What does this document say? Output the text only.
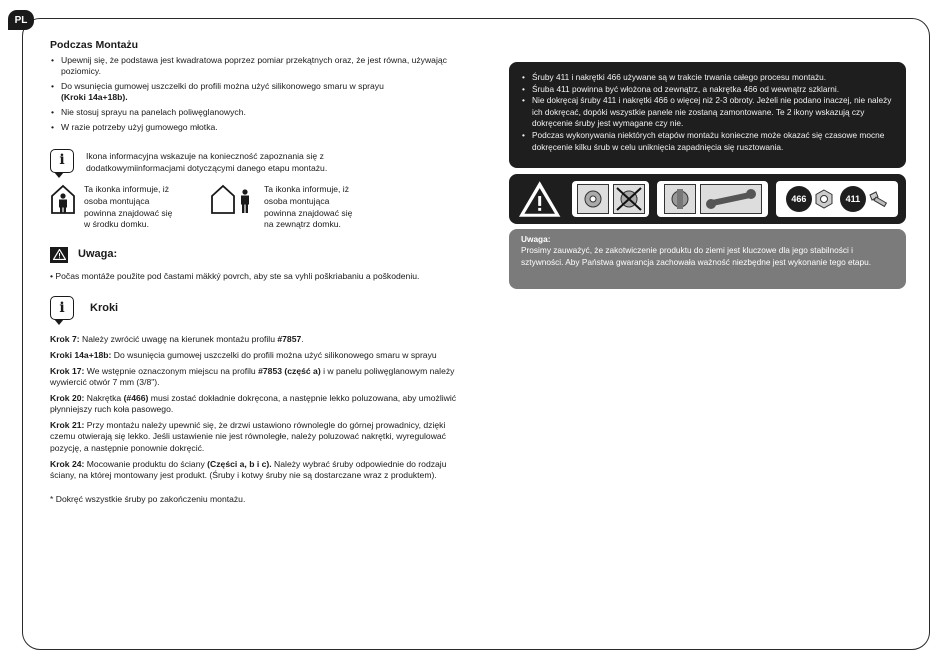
PL
Podczas Montażu
• Upewnij się, że podstawa jest kwadratowa poprzez pomiar przekątnych oraz, że jest równa, używając poziomicy.
• Do wsunięcia gumowej uszczelki do profili można użyć silikonowego smaru w sprayu
(Kroki 14a+18b).
• Nie stosuj sprayu na panelach poliwęglanowych.
• W razie potrzeby użyj gumowego młotka.
i	Ikona informacyjna wskazuje na konieczność zapoznania się z dodatkowymiinformacjami dotyczącymi danego etapu montażu.
Ta ikonka informuje, iż osoba montująca powinna znajdować się w środku domku.
Ta ikonka informuje, iż osoba montująca powinna znajdować się na zewnątrz domku.
Uwaga:
• Počas montáže použite pod častami mäkký povrch, aby ste sa vyhli poškriabaniu a poškodeniu.
i	Kroki
Krok 7: Należy zwrócić uwagę na kierunek montażu profilu #7857.
Kroki 14a+18b: Do wsunięcia gumowej uszczelki do profili można użyć silikonowego smaru w sprayu
Krok 17: We wstępnie oznaczonym miejscu na profilu #7853 (część a) i w panelu poliwęglanowym należy wywiercić otwór 7 mm (3/8").
Krok 20: Nakrętka (#466) musi zostać dokładnie dokręcona, a następnie lekko poluzowana, aby umożliwić płynniejszy ruch koła pasowego.
Krok 21: Przy montażu należy upewnić się, że drzwi ustawiono równolegle do górnej prowadnicy, dzięki czemu otwierają się lekko. Jeśli ustawienie nie jest równoległe, należy poluzować nakrętki, wyregulować pozycję, a następnie ponownie dokręcić.
Krok 24: Mocowanie produktu do ściany (Części a, b i c). Należy wybrać śruby odpowiednie do rodzaju ściany, na której montowany jest produkt. (Śruby i kotwy śruby nie są dostarczane wraz z produktem).
* Dokręć wszystkie śruby po zakończeniu montażu.
• Śruby 411 i nakrętki 466 używane są w trakcie trwania całego procesu montażu.
• Śruba 411 powinna być włożona od zewnątrz, a nakrętka 466 od wewnątrz szklarni.
• Nie dokręcaj śruby 411 i nakrętki 466 o więcej niż 2-3 obroty. Jeżeli nie podano inaczej, nie należy ich dokręcać, dopóki wszystkie panele nie zostaną zamontowane. Te 2 ikony wskazują czy dokręcenie śruby jest wymagane czy nie.
• Podczas wykonywania niektórych etapów montażu konieczne może okazać się czasowe mocne dokręcenie kilku śrub w celu uniknięcia zapadnięcia się rusztowania.
466	411
Uwaga:
Prosimy zauważyć, że zakotwiczenie produktu do ziemi jest kluczowe dla jego stabilności i sztywności. Aby Państwa gwarancja zachowała ważność niezbędne jest wykonanie tego etapu.
